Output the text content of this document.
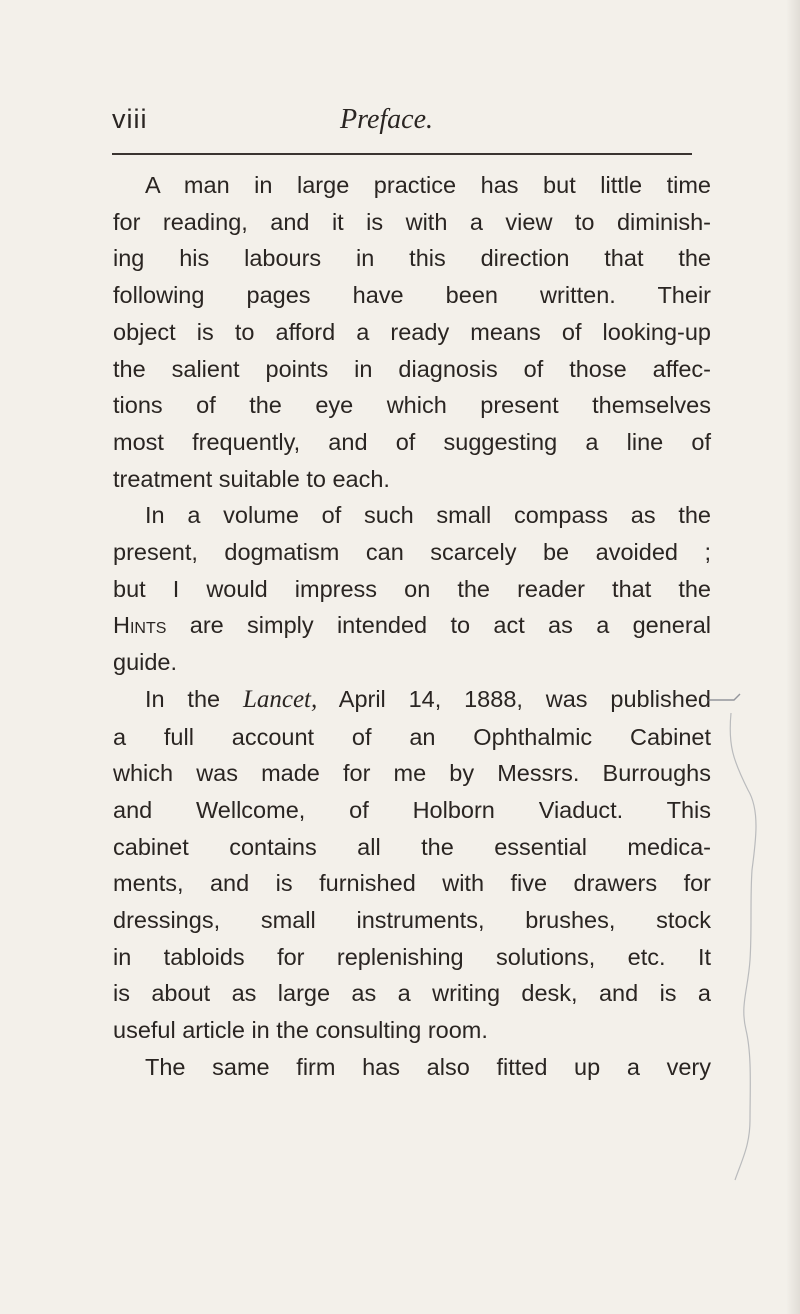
viii	Preface.

A man in large practice has but little time

for reading, and it is with a view to diminish-

ing his labours in this direction that the

following pages have been written. Their

object is to afford a ready means of looking-up

the salient points in diagnosis of those affec-

tions of the eye which present themselves

most frequently, and of suggesting a line of

treatment suitable to each.

In a volume of such small compass as the

present, dogmatism can scarcely be avoided ;

but I would impress on the reader that the

Hints are simply intended to act as a general

guide.

In the Lancet, April 14, 1888, was published

a full account of an Ophthalmic Cabinet

which was made for me by Messrs. Burroughs

and Wellcome, of Holborn Viaduct. This

cabinet contains all the essential medica-

ments, and is furnished with five drawers for

dressings, small instruments, brushes, stock

in tabloids for replenishing solutions, etc. It

is about as large as a writing desk, and is a

useful article in the consulting room.

The same firm has also fitted up a very
